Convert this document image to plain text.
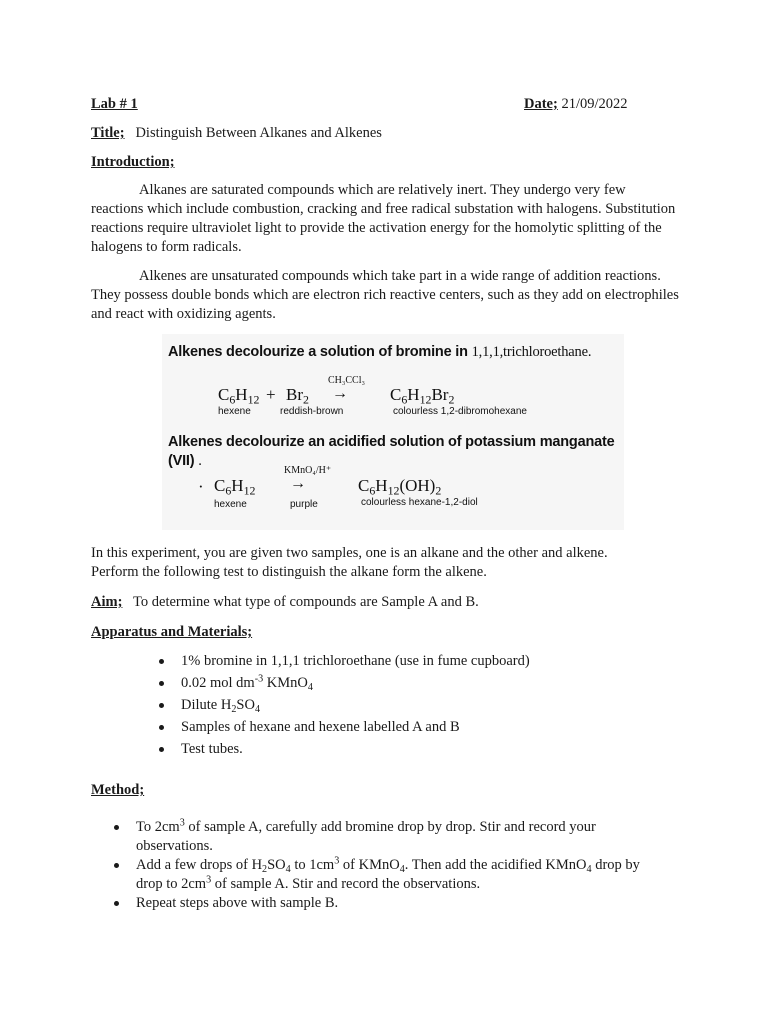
Lab # 1	Date; 21/09/2022
Title; Distinguish Between Alkanes and Alkenes
Introduction;

Alkanes are saturated compounds which are relatively inert. They undergo very few reactions which include combustion, cracking and free radical substation with halogens. Substitution reactions require ultraviolet light to provide the activation energy for the homolytic splitting of the halogens to form radicals.

Alkenes are unsaturated compounds which take part in a wide range of addition reactions. They possess double bonds which are electron rich reactive centers, such as they add on electrophiles and react with oxidizing agents.

Alkenes decolourize a solution of bromine in 1,1,1,trichloroethane.
CH₃CCl₃
$C_6H_{12} + Br_2 \to C_6H_{12}Br_2$
hexene	reddish-brown	colourless 1,2-dibromohexane
Alkenes decolourize an acidified solution of potassium manganate (VII) .
KMnO₄/H⁺
· $C_6H_{12}$ →	$C_6H_{12}(OH)_2$
hexene	purple	colourless hexane-1,2-diol

In this experiment, you are given two samples, one is an alkane and the other and alkene. Perform the following test to distinguish the alkane form the alkene.

Aim; To determine what type of compounds are Sample A and B.
Apparatus and Materials;
1% bromine in 1,1,1 trichloroethane (use in fume cupboard)
0.02 mol $dm^{-3}$ KMnO$_4$
Dilute $H_2SO_4$
Samples of hexane and hexene labelled A and B
Test tubes.
Method;
To $2cm^3$ of sample A, carefully add bromine drop by drop. Stir and record your observations.
Add a few drops of $H_2SO_4$ to $1cm^3$ of KMnO$_4$. Then add the acidified KMnO$_4$ drop by drop to $2cm^3$ of sample A. Stir and record the observations.
Repeat steps above with sample B.
